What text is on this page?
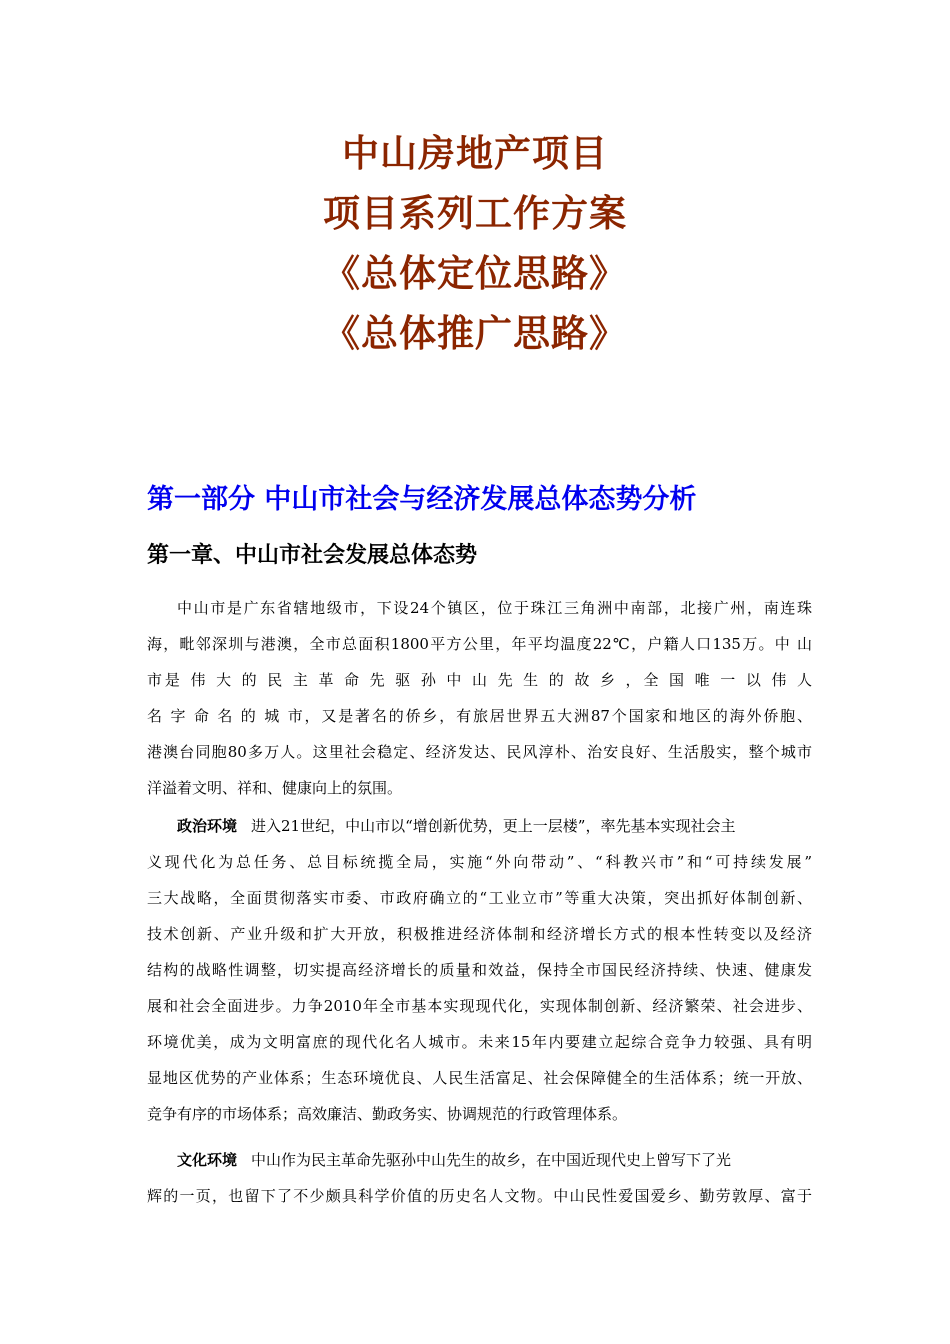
中山房地产项目
项目系列工作方案
《总体定位思路》
《总体推广思路》
第一部分 中山市社会与经济发展总体态势分析
第一章、中山市社会发展总体态势
中山市是广东省辖地级市，下设24个镇区，位于珠江三角洲中南部，北接广州，南连珠
海，毗邻深圳与港澳，全市总面积1800平方公里，年平均温度22℃，户籍人口135万。中 山
市是 伟 大 的 民 主 革 命 先 驱 孙 中 山 先 生 的 故 乡 ，全 国 唯 一 以 伟 人
名 字 命 名 的 城 市，又是著名的侨乡，有旅居世界五大洲87个国家和地区的海外侨胞、
港澳台同胞80多万人。这里社会稳定、经济发达、民风淳朴、治安良好、生活殷实，整个城市
洋溢着文明、祥和、健康向上的氛围。
政治环境 进入21世纪，中山市以“增创新优势，更上一层楼”，率先基本实现社会主
义现代化为总任务、总目标统揽全局，实施“外向带动”、“科教兴市”和“可持续发展”
三大战略，全面贯彻落实市委、市政府确立的“工业立市”等重大决策，突出抓好体制创新、
技术创新、产业升级和扩大开放，积极推进经济体制和经济增长方式的根本性转变以及经济
结构的战略性调整，切实提高经济增长的质量和效益，保持全市国民经济持续、快速、健康发
展和社会全面进步。力争2010年全市基本实现现代化，实现体制创新、经济繁荣、社会进步、
环境优美，成为文明富庶的现代化名人城市。未来15年内要建立起综合竞争力较强、具有明
显地区优势的产业体系；生态环境优良、人民生活富足、社会保障健全的生活体系；统一开放、
竞争有序的市场体系；高效廉洁、勤政务实、协调规范的行政管理体系。
文化环境 中山作为民主革命先驱孙中山先生的故乡，在中国近现代史上曾写下了光
辉的一页，也留下了不少颇具科学价值的历史名人文物。中山民性爱国爱乡、勤劳敦厚、富于
